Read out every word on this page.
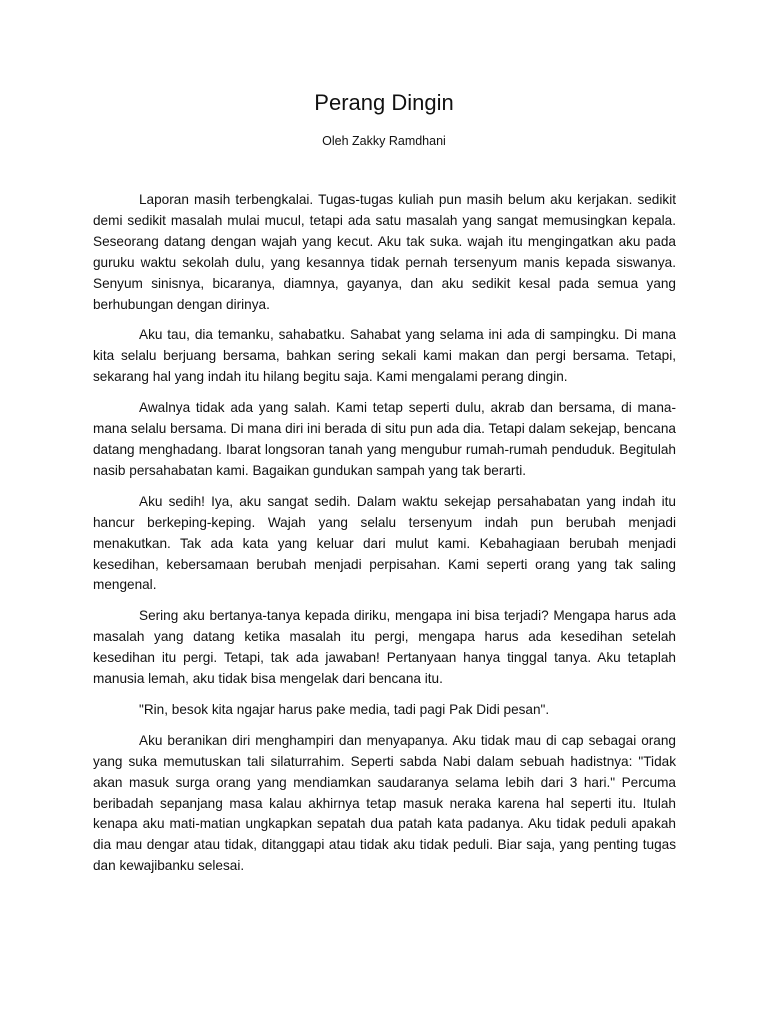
Perang Dingin
Oleh Zakky Ramdhani

Laporan masih terbengkalai. Tugas-tugas kuliah pun masih belum aku kerjakan. sedikit demi sedikit masalah mulai mucul, tetapi ada satu masalah yang sangat memusingkan kepala. Seseorang datang dengan wajah yang kecut. Aku tak suka. wajah itu mengingatkan aku pada guruku waktu sekolah dulu, yang kesannya tidak pernah tersenyum manis kepada siswanya. Senyum sinisnya, bicaranya, diamnya, gayanya, dan aku sedikit kesal pada semua yang berhubungan dengan dirinya.

Aku tau, dia temanku, sahabatku. Sahabat yang selama ini ada di sampingku. Di mana kita selalu berjuang bersama, bahkan sering sekali kami makan dan pergi bersama. Tetapi, sekarang hal yang indah itu hilang begitu saja. Kami mengalami perang dingin.

Awalnya tidak ada yang salah. Kami tetap seperti dulu, akrab dan bersama, di mana-mana selalu bersama. Di mana diri ini berada di situ pun ada dia. Tetapi dalam sekejap, bencana datang menghadang. Ibarat longsoran tanah yang mengubur rumah-rumah penduduk. Begitulah nasib persahabatan kami. Bagaikan gundukan sampah yang tak berarti.

Aku sedih! Iya, aku sangat sedih. Dalam waktu sekejap persahabatan yang indah itu hancur berkeping-keping. Wajah yang selalu tersenyum indah pun berubah menjadi menakutkan. Tak ada kata yang keluar dari mulut kami. Kebahagiaan berubah menjadi kesedihan, kebersamaan berubah menjadi perpisahan. Kami seperti orang yang tak saling mengenal.

Sering aku bertanya-tanya kepada diriku, mengapa ini bisa terjadi? Mengapa harus ada masalah yang datang ketika masalah itu pergi, mengapa harus ada kesedihan setelah kesedihan itu pergi. Tetapi, tak ada jawaban! Pertanyaan hanya tinggal tanya. Aku tetaplah manusia lemah, aku tidak bisa mengelak dari bencana itu.

"Rin, besok kita ngajar harus pake media, tadi pagi Pak Didi pesan".

Aku beranikan diri menghampiri dan menyapanya. Aku tidak mau di cap sebagai orang yang suka memutuskan tali silaturrahim. Seperti sabda Nabi dalam sebuah hadistnya: "Tidak akan masuk surga orang yang mendiamkan saudaranya selama lebih dari 3 hari." Percuma beribadah sepanjang masa kalau akhirnya tetap masuk neraka karena hal seperti itu. Itulah kenapa aku mati-matian ungkapkan sepatah dua patah kata padanya. Aku tidak peduli apakah dia mau dengar atau tidak, ditanggapi atau tidak aku tidak peduli. Biar saja, yang penting tugas dan kewajibanku selesai.
